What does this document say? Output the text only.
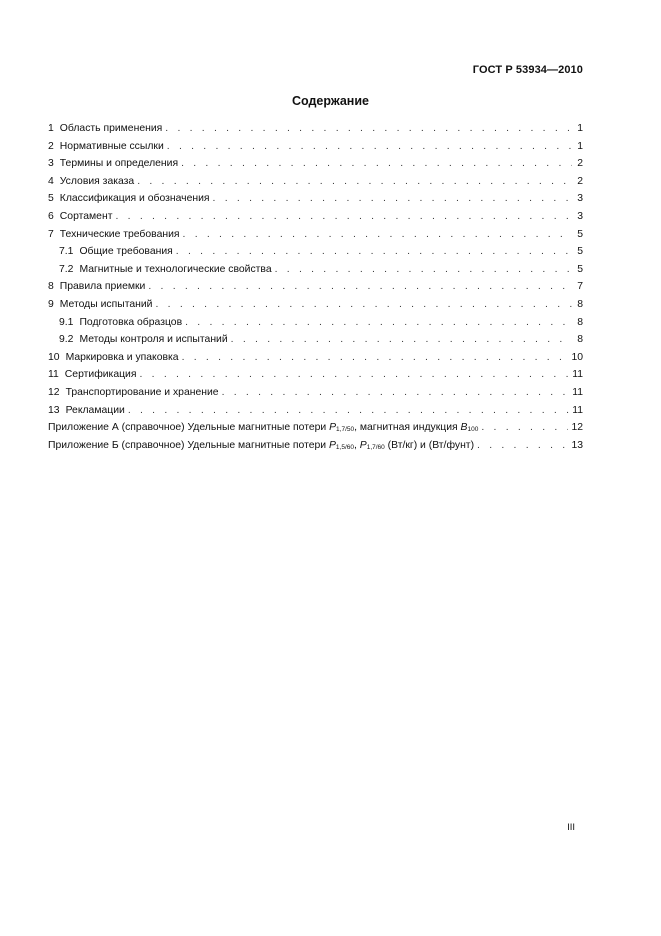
ГОСТ Р 53934—2010
Содержание
1 Область применения . . .	1
2 Нормативные ссылки . . .	1
3 Термины и определения . . .	2
4 Условия заказа . . .	2
5 Классификация и обозначения . . .	3
6 Сортамент . . .	3
7 Технические требования . . .	5
7.1 Общие требования . . .	5
7.2 Магнитные и технологические свойства . . .	5
8 Правила приемки . . .	7
9 Методы испытаний . . .	8
9.1 Подготовка образцов . . .	8
9.2 Методы контроля и испытаний . . .	8
10 Маркировка и упаковка . . .	10
11 Сертификация . . .	11
12 Транспортирование и хранение . . .	11
13 Рекламации . . .	11
Приложение А (справочное) Удельные магнитные потери $P_{1,7/50}$, магнитная индукция $B_{100}$ . . .	12
Приложение Б (справочное) Удельные магнитные потери $P_{1,5/60}$, $P_{1,7/60}$ (Вт/кг) и (Вт/фунт) . . .	13
III
